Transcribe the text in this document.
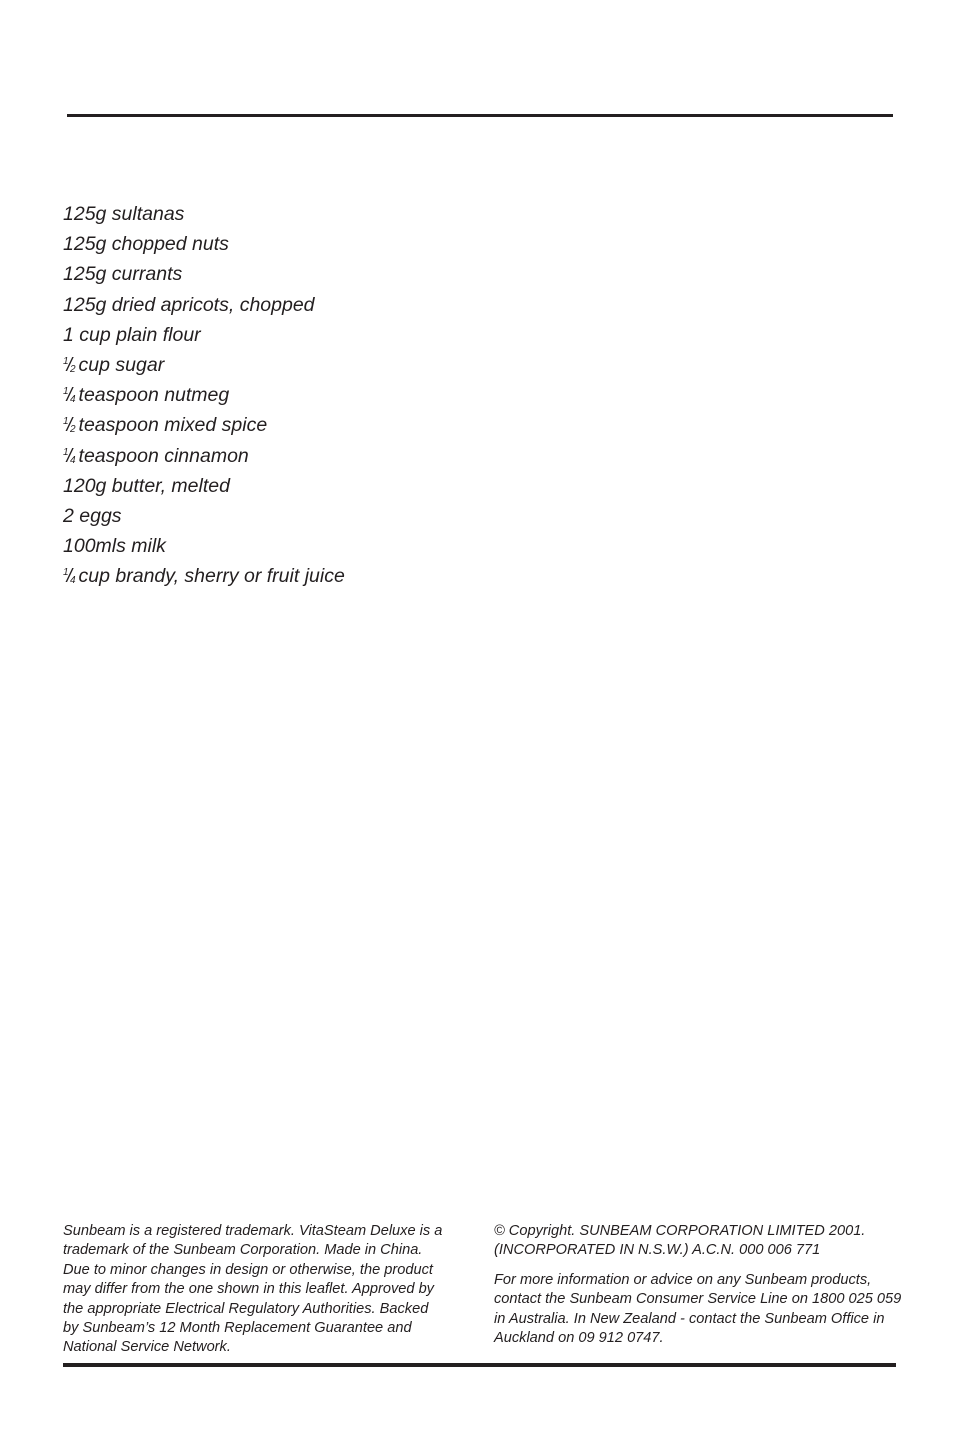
125g sultanas
125g chopped nuts
125g currants
125g dried apricots, chopped
1 cup plain flour
$^1$/2 cup sugar
$^1$/4 teaspoon nutmeg
$^1$/2 teaspoon mixed spice
$^1$/4 teaspoon cinnamon
120g butter, melted
2 eggs
100mls milk
$^1$/4 cup brandy, sherry or fruit juice
Sunbeam is a registered trademark. VitaSteam Deluxe is a
trademark of the Sunbeam Corporation. Made in China.
Due to minor changes in design or otherwise, the product
may differ from the one shown in this leaflet. Approved by
the appropriate Electrical Regulatory Authorities. Backed
by Sunbeam’s 12 Month Replacement Guarantee and
National Service Network.

© Copyright. SUNBEAM CORPORATION LIMITED 2001.
(INCORPORATED IN N.S.W.) A.C.N. 000 006 771

For more information or advice on any Sunbeam products,
contact the Sunbeam Consumer Service Line on 1800 025 059
in Australia. In New Zealand - contact the Sunbeam Office in
Auckland on 09 912 0747.
